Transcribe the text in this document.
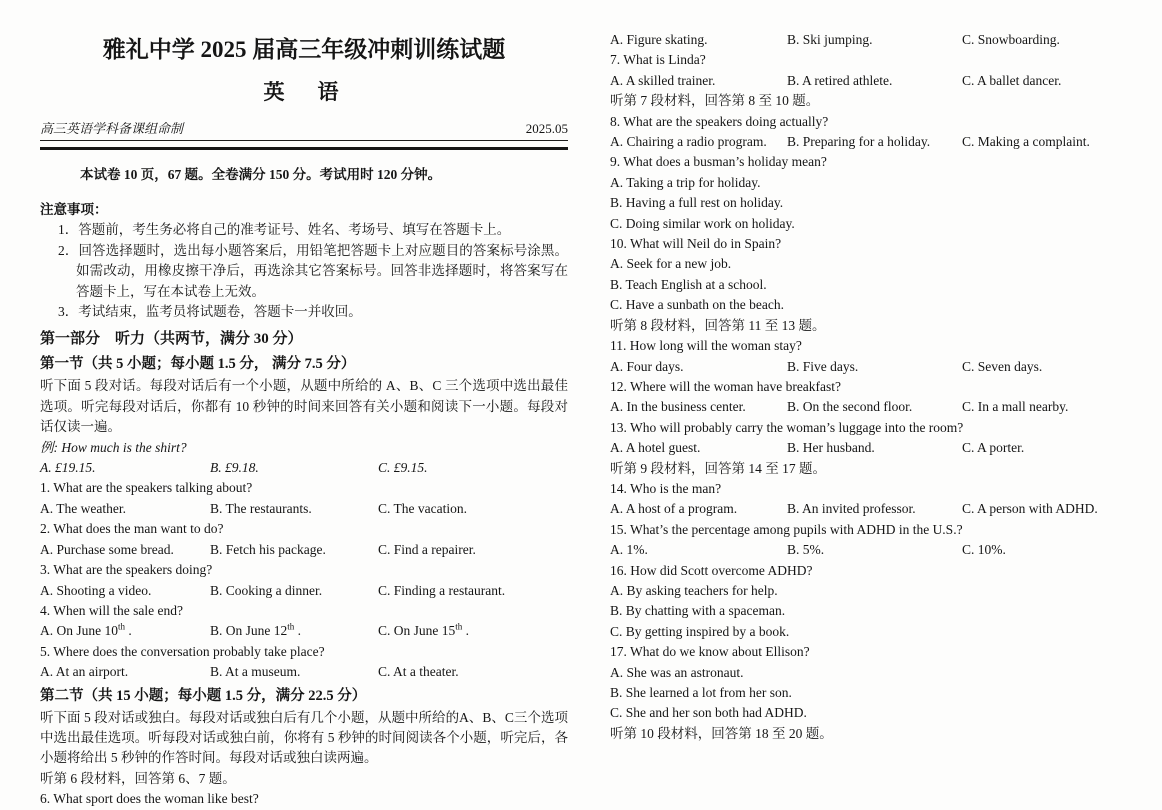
雅礼中学 2025 届高三年级冲刺训练试题
英　语
高三英语学科备课组命制	2025.05
本试卷 10 页，67 题。全卷满分 150 分。考试用时 120 分钟。
注意事项：
1．答题前，考生务必将自己的准考证号、姓名、考场号、填写在答题卡上。
2．回答选择题时，选出每小题答案后，用铅笔把答题卡上对应题目的答案标号涂黑。如需改动，用橡皮擦干净后，再选涂其它答案标号。回答非选择题时，将答案写在答题卡上，写在本试卷上无效。
3．考试结束，监考员将试题卷，答题卡一并收回。
第一部分　听力（共两节，满分 30 分）
第一节（共 5 小题；每小题 1.5 分， 满分 7.5 分）
听下面 5 段对话。每段对话后有一个小题，从题中所给的 A、B、C 三个选项中选出最佳选项。听完每段对话后，你都有 10 秒钟的时间来回答有关小题和阅读下一小题。每段对话仅读一遍。
例: How much is the shirt?
A. £19.15.	B. £9.18.	C. £9.15.
1. What are the speakers talking about?
A. The weather.	B. The restaurants.	C. The vacation.
2. What does the man want to do?
A. Purchase some bread.	B. Fetch his package.	C. Find a repairer.
3. What are the speakers doing?
A. Shooting a video.	B. Cooking a dinner.	C. Finding a restaurant.
4. When will the sale end?
A. On June 10th .	B. On June 12th .	C. On June 15th .
5. Where does the conversation probably take place?
A. At an airport.	B. At a museum.	C. At a theater.
第二节（共 15 小题；每小题 1.5 分，满分 22.5 分）
听下面 5 段对话或独白。每段对话或独白后有几个小题，从题中所给的A、B、C三个选项中选出最佳选项。听每段对话或独白前，你将有 5 秒钟的时间阅读各个小题，听完后，各小题将给出 5 秒钟的作答时间。每段对话或独白读两遍。
听第 6 段材料，回答第 6、7 题。
6. What sport does the woman like best?
A. Figure skating.	B. Ski jumping.	C. Snowboarding.
7. What is Linda?
A. A skilled trainer.	B. A retired athlete.	C. A ballet dancer.
听第 7 段材料，回答第 8 至 10 题。
8. What are the speakers doing actually?
A. Chairing a radio program.	B. Preparing for a holiday.	C. Making a complaint.
9. What does a busman’s holiday mean?
A. Taking a trip for holiday.
B. Having a full rest on holiday.
C. Doing similar work on holiday.
10. What will Neil do in Spain?
A. Seek for a new job.
B. Teach English at a school.
C. Have a sunbath on the beach.
听第 8 段材料，回答第 11 至 13 题。
11. How long will the woman stay?
A. Four days.	B. Five days.	C. Seven days.
12. Where will the woman have breakfast?
A. In the business center.	B. On the second floor.	C. In a mall nearby.
13. Who will probably carry the woman’s luggage into the room?
A. A hotel guest.	B. Her husband.	C. A porter.
听第 9 段材料，回答第 14 至 17 题。
14. Who is the man?
A. A host of a program.	B. An invited professor.	C. A person with ADHD.
15. What’s the percentage among pupils with ADHD in the U.S.?
A. 1%.	B. 5%.	C. 10%.
16. How did Scott overcome ADHD?
A. By asking teachers for help.
B. By chatting with a spaceman.
C. By getting inspired by a book.
17. What do we know about Ellison?
A. She was an astronaut.
B. She learned a lot from her son.
C. She and her son both had ADHD.
听第 10 段材料，回答第 18 至 20 题。
